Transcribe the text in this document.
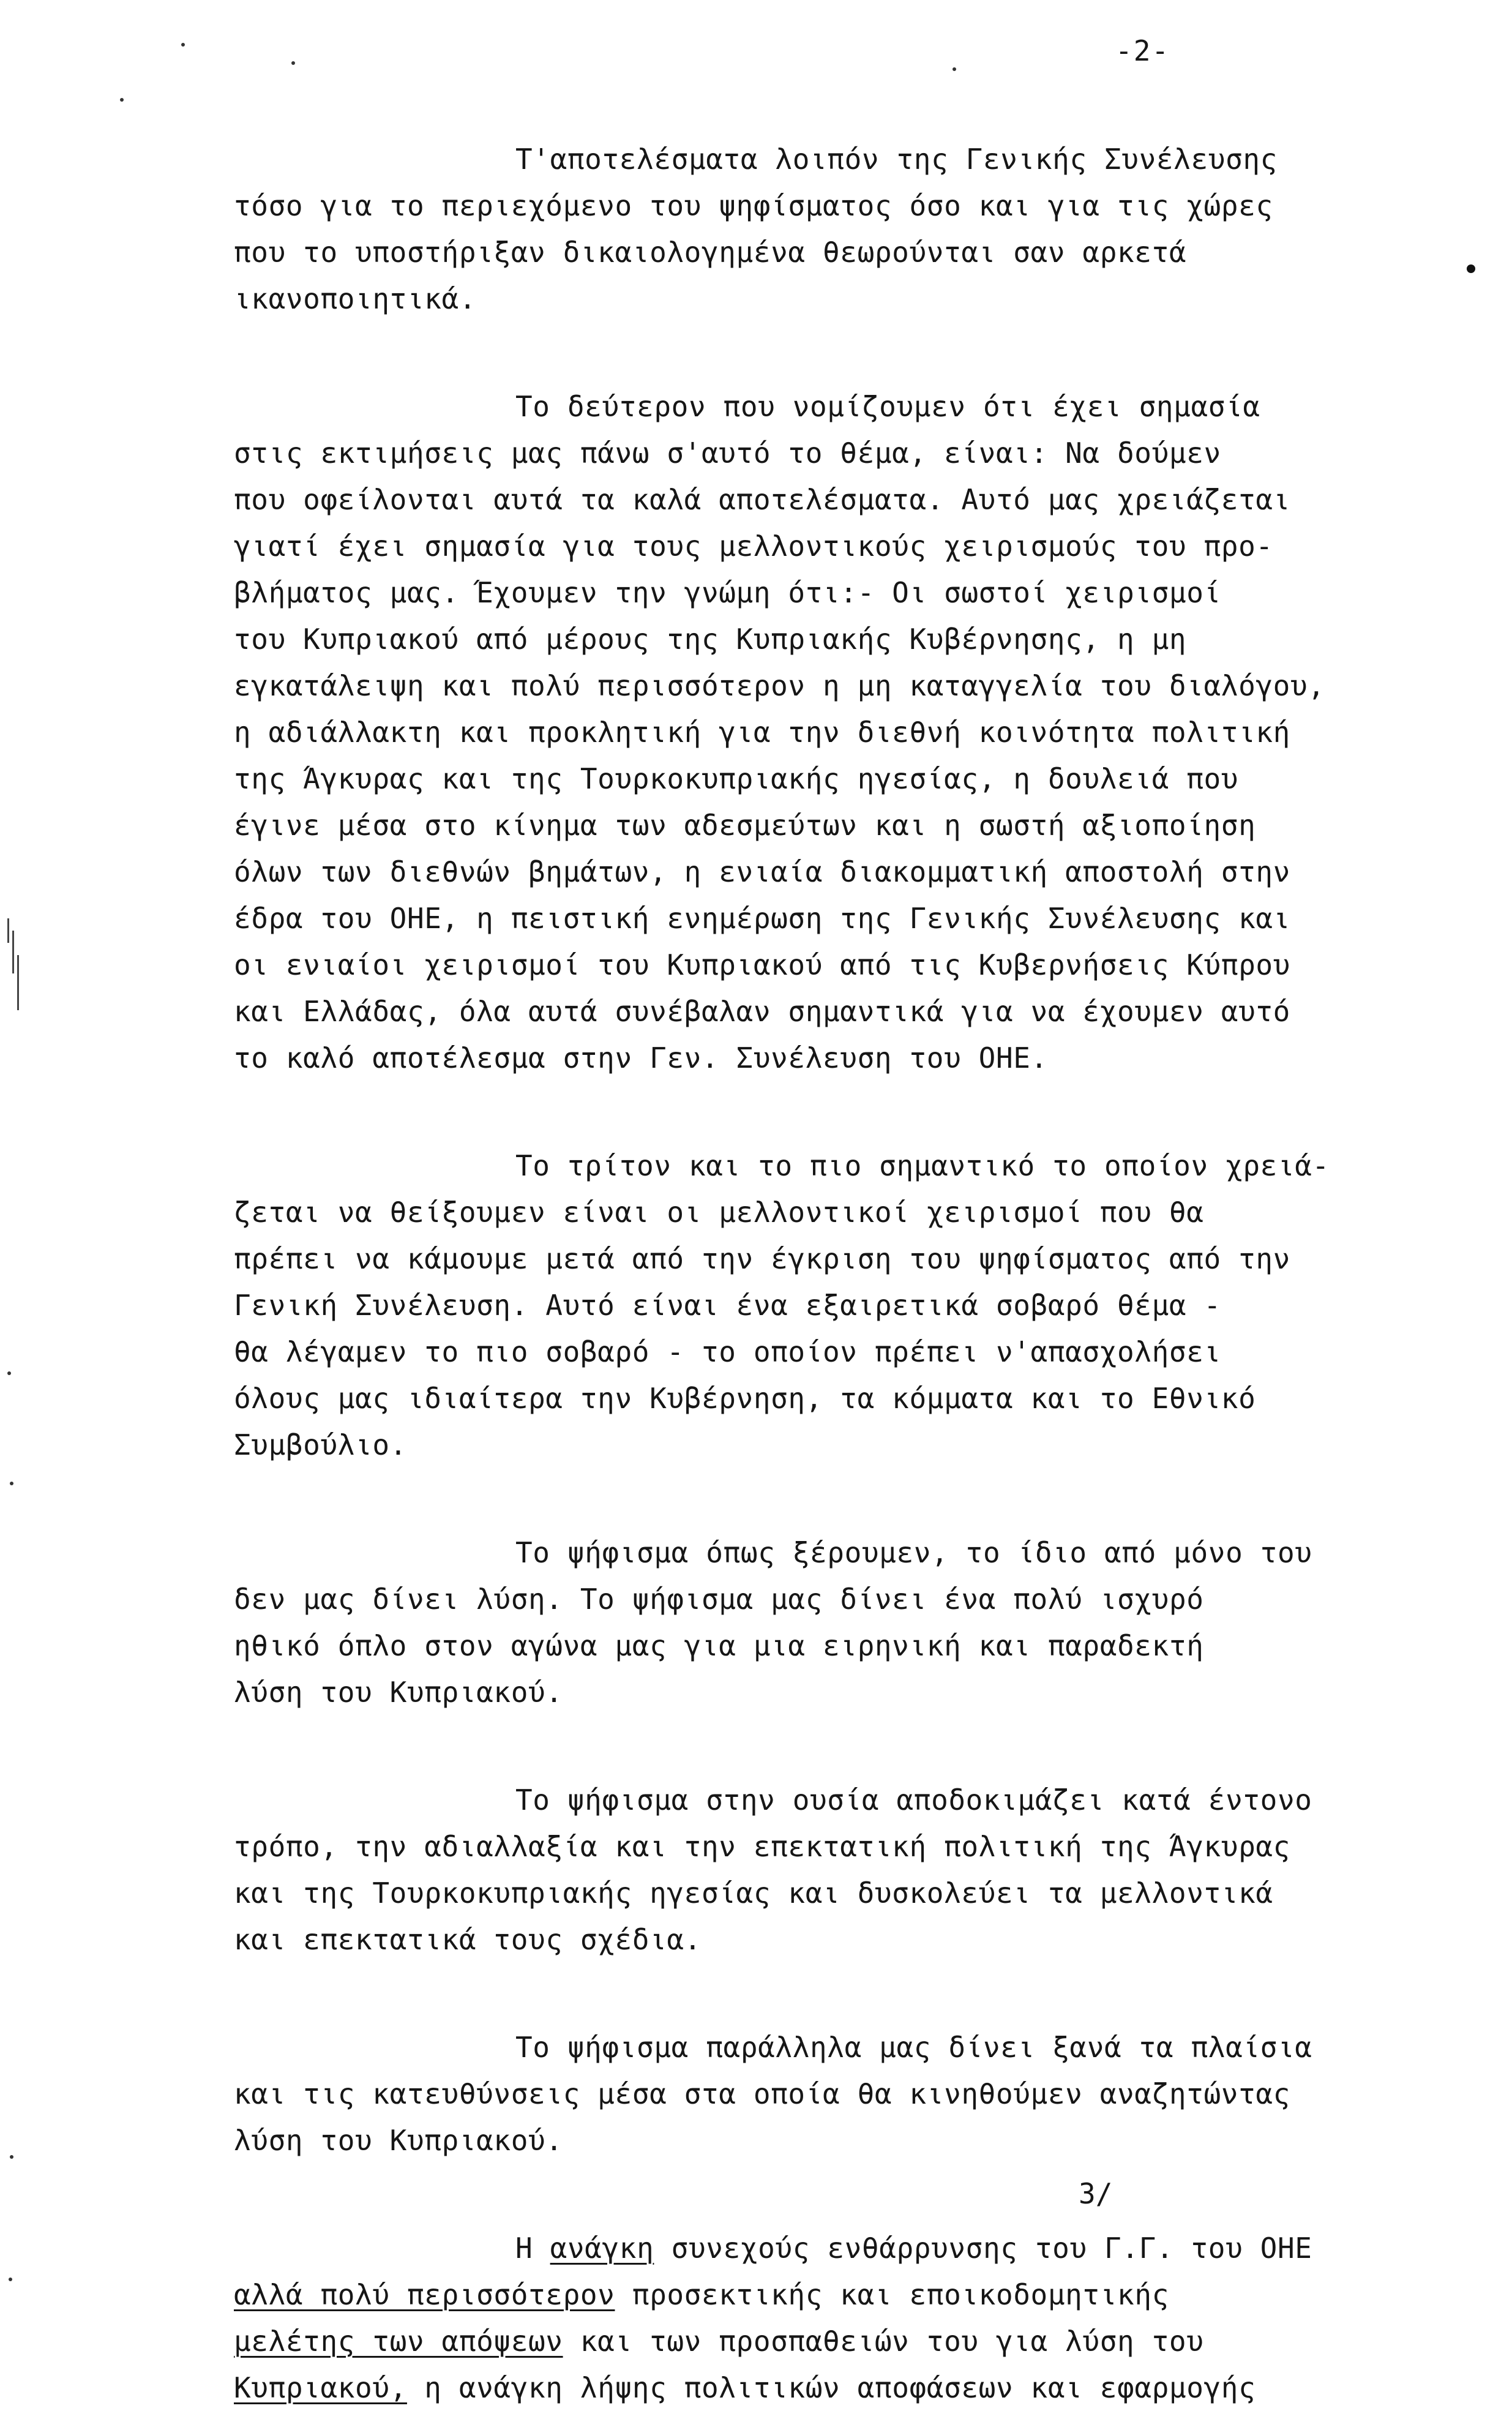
-2-
Τ'αποτελέσματα λοιπόν της Γενικής Συνέλευσης
τόσο για το περιεχόμενο του ψηφίσματος όσο και για τις χώρες
που το υποστήριξαν δικαιολογημένα θεωρούνται σαν αρκετά
ικανοποιητικά.
Το δεύτερον που νομίζουμεν ότι έχει σημασία
στις εκτιμήσεις μας πάνω σ'αυτό το θέμα, είναι: Να δούμεν
που οφείλονται αυτά τα καλά αποτελέσματα. Αυτό μας χρειάζεται
γιατί έχει σημασία για τους μελλοντικούς χειρισμούς του προ-
βλήματος μας. Έχουμεν την γνώμη ότι:- Οι σωστοί χειρισμοί
του Κυπριακού από μέρους της Κυπριακής Κυβέρνησης, η μη
εγκατάλειψη και πολύ περισσότερον η μη καταγγελία του διαλόγου,
η αδιάλλακτη και προκλητική για την διεθνή κοινότητα πολιτική
της Άγκυρας και της Τουρκοκυπριακής ηγεσίας, η δουλειά που
έγινε μέσα στο κίνημα των αδεσμεύτων και η σωστή αξιοποίηση
όλων των διεθνών βημάτων, η ενιαία διακομματική αποστολή στην
έδρα του ΟΗΕ, η πειστική ενημέρωση της Γενικής Συνέλευσης και
οι ενιαίοι χειρισμοί του Κυπριακού από τις Κυβερνήσεις Κύπρου
και Ελλάδας, όλα αυτά συνέβαλαν σημαντικά για να έχουμεν αυτό
το καλό αποτέλεσμα στην Γεν. Συνέλευση του ΟΗΕ.
Το τρίτον και το πιο σημαντικό το οποίον χρειά-
ζεται να θείξουμεν είναι οι μελλοντικοί χειρισμοί που θα
πρέπει να κάμουμε μετά από την έγκριση του ψηφίσματος από την
Γενική Συνέλευση. Αυτό είναι ένα εξαιρετικά σοβαρό θέμα -
θα λέγαμεν το πιο σοβαρό - το οποίον πρέπει ν'απασχολήσει
όλους μας ιδιαίτερα την Κυβέρνηση, τα κόμματα και το Εθνικό
Συμβούλιο.
Το ψήφισμα όπως ξέρουμεν, το ίδιο από μόνο του
δεν μας δίνει λύση. Το ψήφισμα μας δίνει ένα πολύ ισχυρό
ηθικό όπλο στον αγώνα μας για μια ειρηνική και παραδεκτή
λύση του Κυπριακού.
Το ψήφισμα στην ουσία αποδοκιμάζει κατά έντονο
τρόπο, την αδιαλλαξία και την επεκτατική πολιτική της Άγκυρας
και της Τουρκοκυπριακής ηγεσίας και δυσκολεύει τα μελλοντικά
και επεκτατικά τους σχέδια.
Το ψήφισμα παράλληλα μας δίνει ξανά τα πλαίσια
και τις κατευθύνσεις μέσα στα οποία θα κινηθούμεν αναζητώντας
λύση του Κυπριακού.
Η ανάγκη συνεχούς ενθάρρυνσης του Γ.Γ. του ΟΗΕ
αλλά πολύ περισσότερον προσεκτικής και εποικοδομητικής
μελέτης των απόψεων και των προσπαθειών του για λύση του
Κυπριακού, η ανάγκη λήψης πολιτικών αποφάσεων και εφαρμογής
3/
